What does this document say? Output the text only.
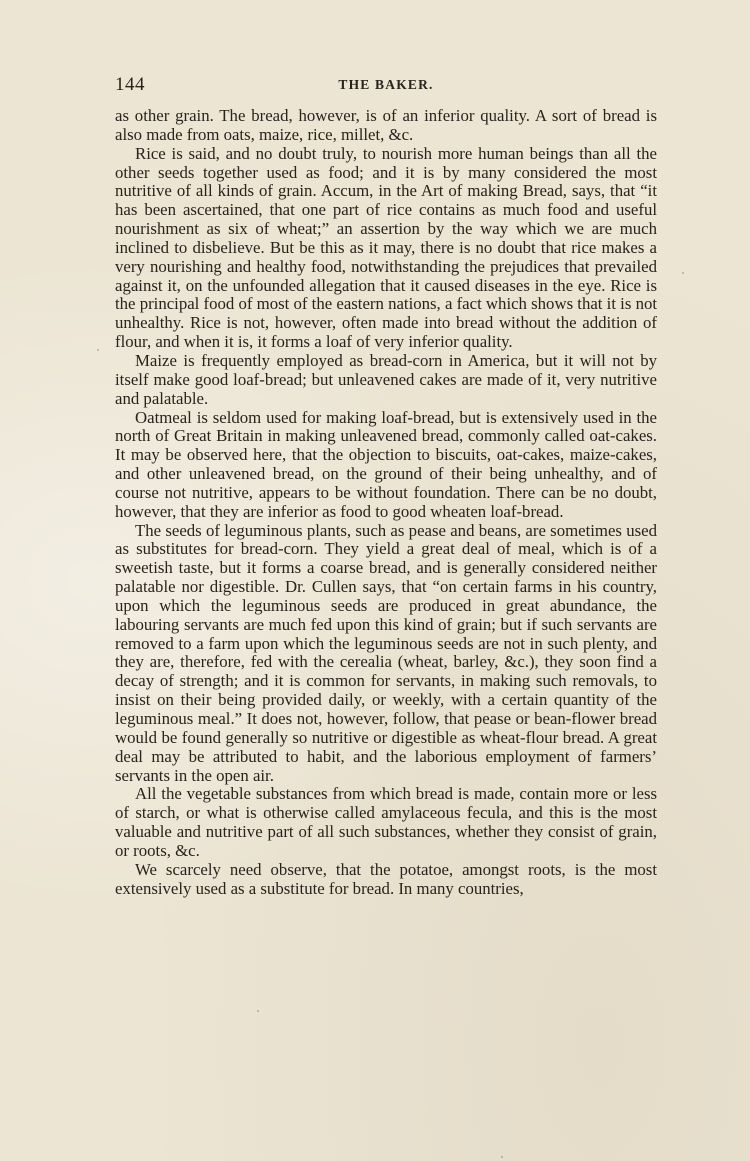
144	THE BAKER.

as other grain. The bread, however, is of an inferior quality. A sort of bread is also made from oats, maize, rice, millet, &c.

Rice is said, and no doubt truly, to nourish more human beings than all the other seeds together used as food; and it is by many considered the most nutritive of all kinds of grain. Accum, in the Art of making Bread, says, that “it has been ascertained, that one part of rice contains as much food and useful nourishment as six of wheat;” an assertion by the way which we are much inclined to disbelieve. But be this as it may, there is no doubt that rice makes a very nourishing and healthy food, notwithstanding the prejudices that prevailed against it, on the unfounded allegation that it caused diseases in the eye. Rice is the principal food of most of the eastern nations, a fact which shows that it is not unhealthy. Rice is not, however, often made into bread without the addition of flour, and when it is, it forms a loaf of very inferior quality.

Maize is frequently employed as bread-corn in America, but it will not by itself make good loaf-bread; but unleavened cakes are made of it, very nutritive and palatable.

Oatmeal is seldom used for making loaf-bread, but is extensively used in the north of Great Britain in making unleavened bread, commonly called oat-cakes. It may be observed here, that the objection to biscuits, oat-cakes, maize-cakes, and other unleavened bread, on the ground of their being unhealthy, and of course not nutritive, appears to be without foundation. There can be no doubt, however, that they are inferior as food to good wheaten loaf-bread.

The seeds of leguminous plants, such as pease and beans, are sometimes used as substitutes for bread-corn. They yield a great deal of meal, which is of a sweetish taste, but it forms a coarse bread, and is generally considered neither palatable nor digestible. Dr. Cullen says, that “on certain farms in his country, upon which the leguminous seeds are produced in great abundance, the labouring servants are much fed upon this kind of grain; but if such servants are removed to a farm upon which the leguminous seeds are not in such plenty, and they are, therefore, fed with the cerealia (wheat, barley, &c.), they soon find a decay of strength; and it is common for servants, in making such removals, to insist on their being provided daily, or weekly, with a certain quantity of the leguminous meal.” It does not, however, follow, that pease or bean-flower bread would be found generally so nutritive or digestible as wheat-flour bread. A great deal may be attributed to habit, and the laborious employment of farmers’ servants in the open air.

All the vegetable substances from which bread is made, contain more or less of starch, or what is otherwise called amylaceous fecula, and this is the most valuable and nutritive part of all such substances, whether they consist of grain, or roots, &c.

We scarcely need observe, that the potatoe, amongst roots, is the most extensively used as a substitute for bread. In many countries,
